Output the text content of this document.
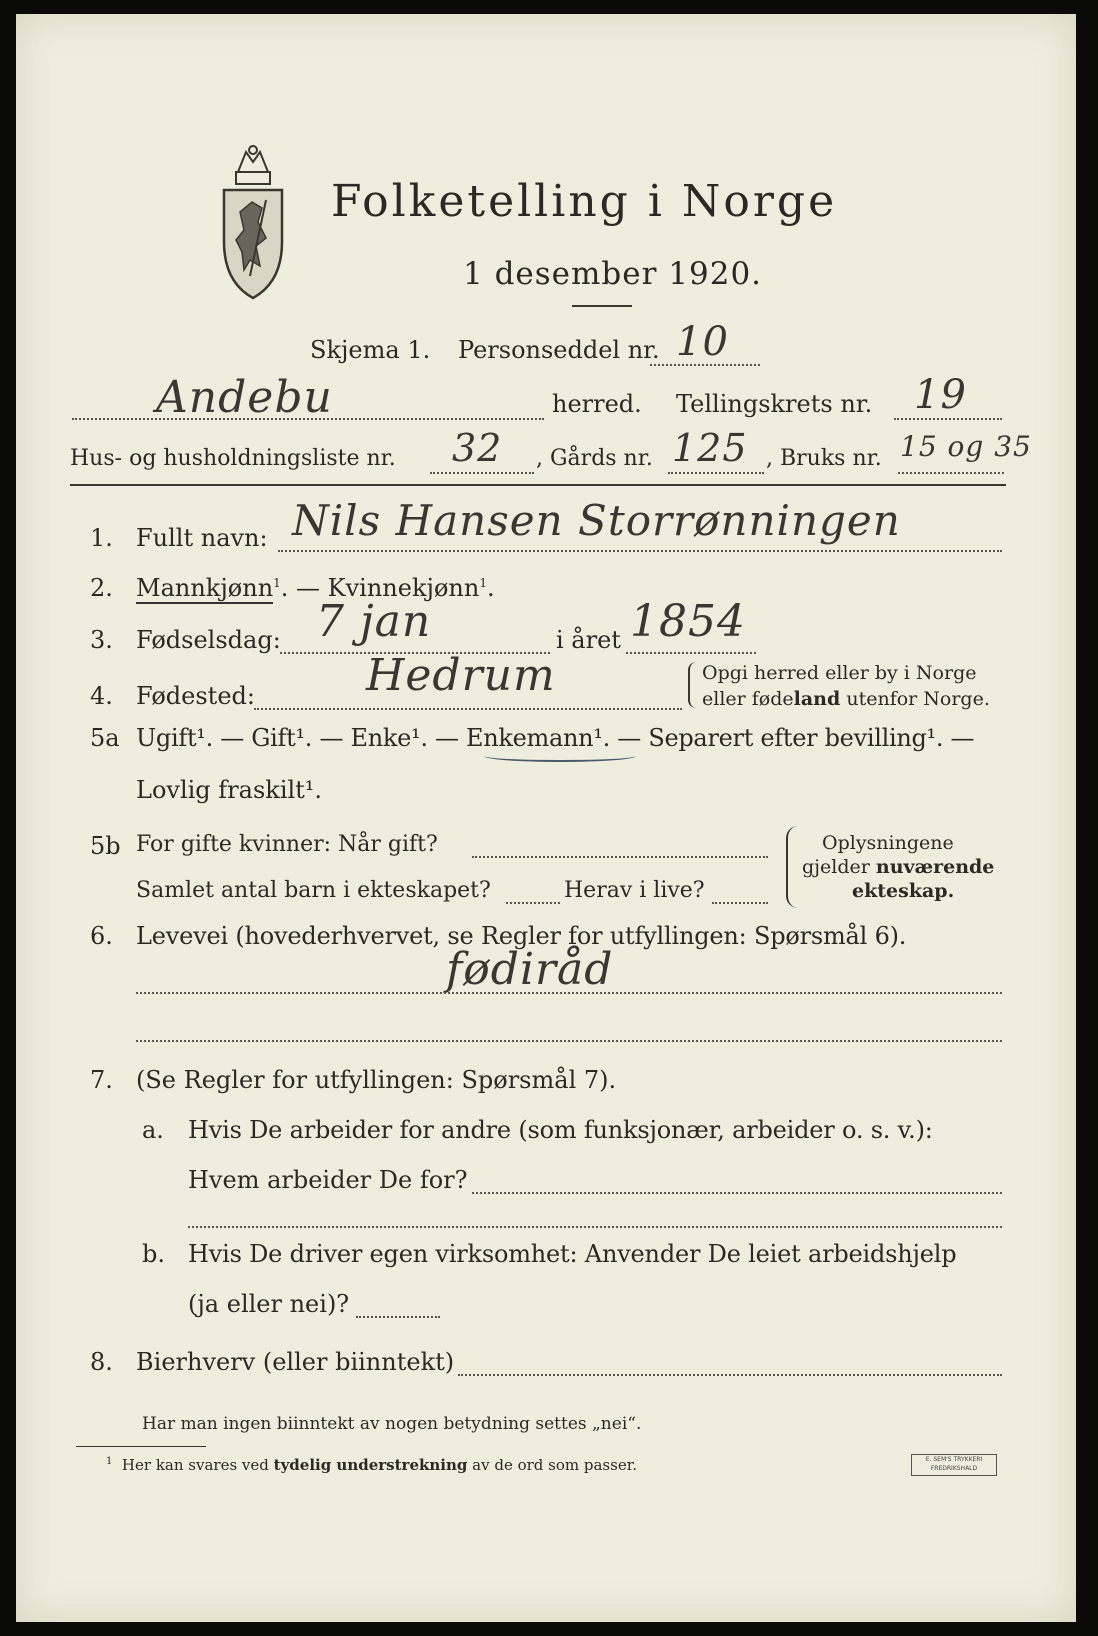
Folketelling i Norge
1 desember 1920.
Skjema 1. Personseddel nr. 10
Andebu	herred. Tellingskrets nr. 19
Hus- og husholdningsliste nr. 32 , Gårds nr. 125 , Bruks nr. 15 og 35
1. Fullt navn: Nils Hansen Storrønningen
2. Mannkjønn$^1$. — Kvinnekjønn$^1$.
3. Fødselsdag: 7 jan	i året 1854
4. Fødested:	Hedrum	Opgi herred eller by i Norge
eller fødeland utenfor Norge.
5a Ugift¹. — Gift¹. — Enke¹. — Enkemann¹. — Separert efter bevilling¹. —
Lovlig fraskilt¹.
5b For gifte kvinner: Når gift?
Samlet antal barn i ekteskapet?	Herav i live?
Oplysningene
gjelder nuværende
ekteskap.
6. Levevei (hovederhvervet, se Regler for utfyllingen: Spørsmål 6).
fødiråd
7. (Se Regler for utfyllingen: Spørsmål 7).
a. Hvis De arbeider for andre (som funksjonær, arbeider o. s. v.):
Hvem arbeider De for?
b. Hvis De driver egen virksomhet: Anvender De leiet arbeidshjelp
(ja eller nei)?
8. Bierhverv (eller biinntekt)
Har man ingen biinntekt av nogen betydning settes „nei“.
$^1$ Her kan svares ved tydelig understrekning av de ord som passer.	E. SEM'S TRYKKERI
FREDRIKSHALD
